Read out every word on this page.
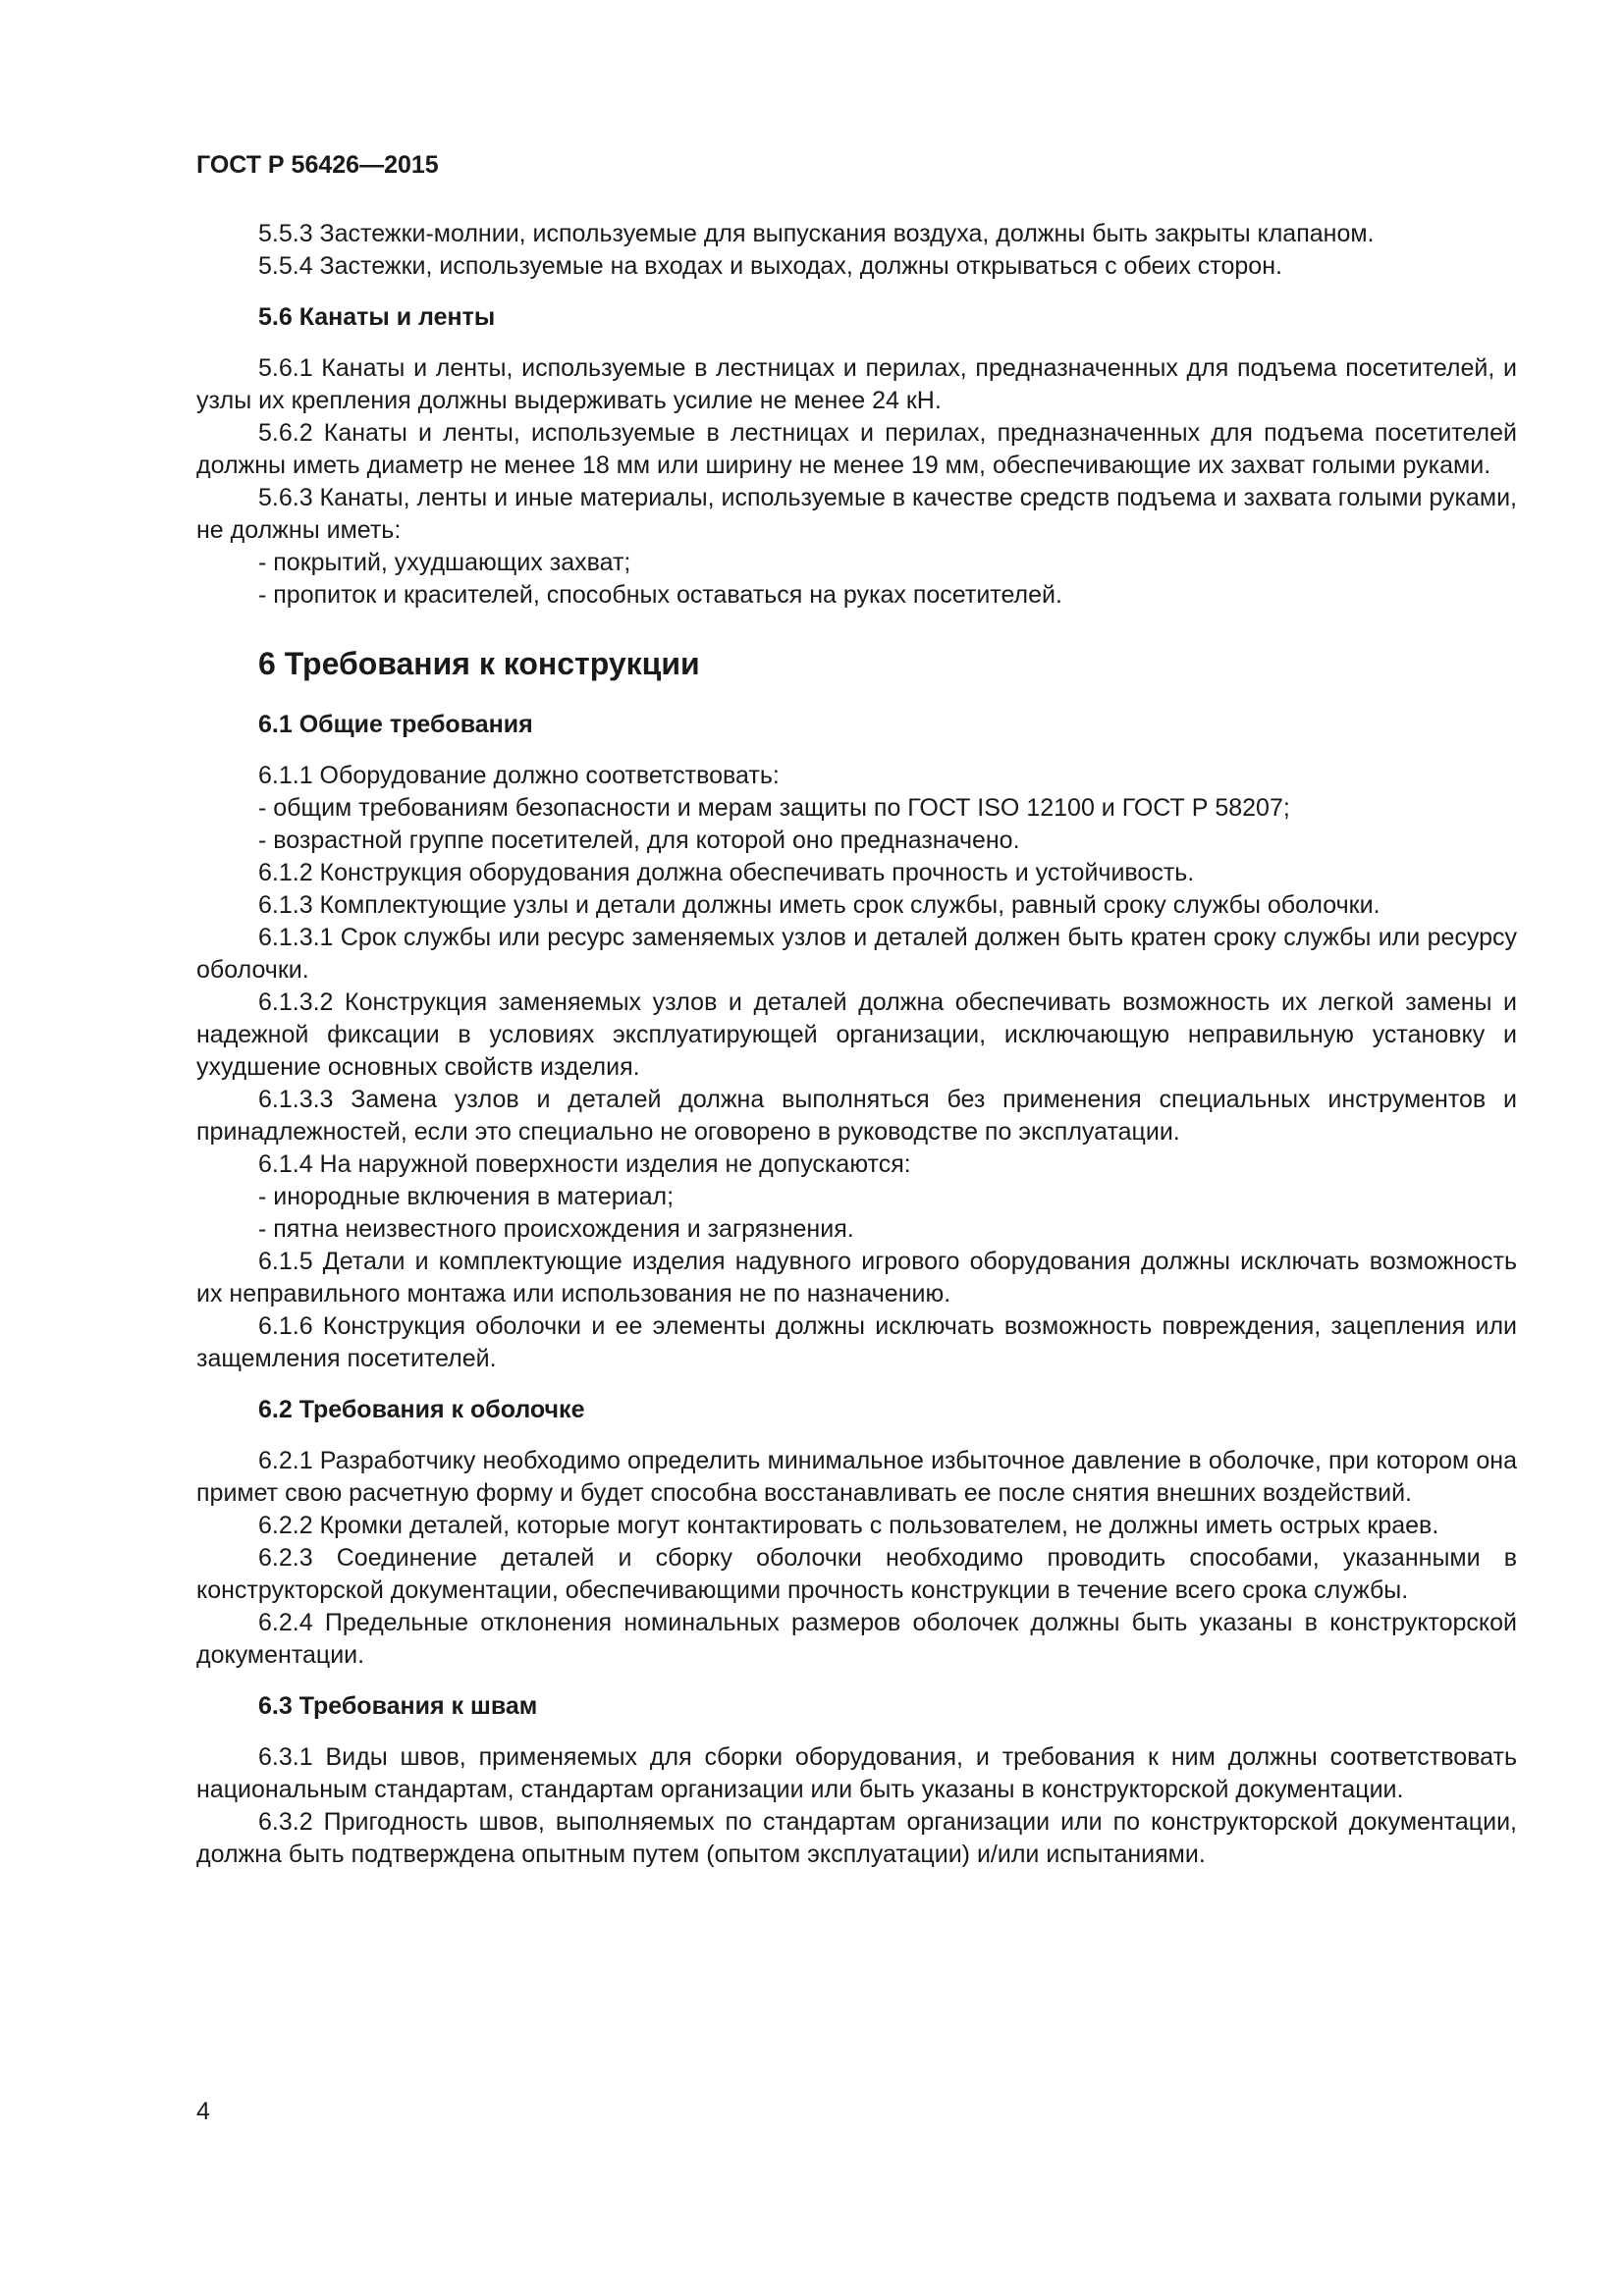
ГОСТ Р 56426—2015

5.5.3 Застежки-молнии, используемые для выпускания воздуха, должны быть закрыты клапаном.

5.5.4 Застежки, используемые на входах и выходах, должны открываться с обеих сторон.

5.6 Канаты и ленты

5.6.1 Канаты и ленты, используемые в лестницах и перилах, предназначенных для подъема посетителей, и узлы их крепления должны выдерживать усилие не менее 24 кН.

5.6.2 Канаты и ленты, используемые в лестницах и перилах, предназначенных для подъема посетителей должны иметь диаметр не менее 18 мм или ширину не менее 19 мм, обеспечивающие их захват голыми руками.

5.6.3 Канаты, ленты и иные материалы, используемые в качестве средств подъема и захвата голыми руками, не должны иметь:

- покрытий, ухудшающих захват;

- пропиток и красителей, способных оставаться на руках посетителей.

6 Требования к конструкции
6.1 Общие требования

6.1.1 Оборудование должно соответствовать:

- общим требованиям безопасности и мерам защиты по ГОСТ ISO 12100 и ГОСТ Р 58207;

- возрастной группе посетителей, для которой оно предназначено.

6.1.2 Конструкция оборудования должна обеспечивать прочность и устойчивость.

6.1.3 Комплектующие узлы и детали должны иметь срок службы, равный сроку службы оболочки.

6.1.3.1 Срок службы или ресурс заменяемых узлов и деталей должен быть кратен сроку службы или ресурсу оболочки.

6.1.3.2 Конструкция заменяемых узлов и деталей должна обеспечивать возможность их легкой замены и надежной фиксации в условиях эксплуатирующей организации, исключающую неправильную установку и ухудшение основных свойств изделия.

6.1.3.3 Замена узлов и деталей должна выполняться без применения специальных инструментов и принадлежностей, если это специально не оговорено в руководстве по эксплуатации.

6.1.4 На наружной поверхности изделия не допускаются:

- инородные включения в материал;

- пятна неизвестного происхождения и загрязнения.

6.1.5 Детали и комплектующие изделия надувного игрового оборудования должны исключать возможность их неправильного монтажа или использования не по назначению.

6.1.6 Конструкция оболочки и ее элементы должны исключать возможность повреждения, зацепления или защемления посетителей.

6.2 Требования к оболочке

6.2.1 Разработчику необходимо определить минимальное избыточное давление в оболочке, при котором она примет свою расчетную форму и будет способна восстанавливать ее после снятия внешних воздействий.

6.2.2 Кромки деталей, которые могут контактировать с пользователем, не должны иметь острых краев.

6.2.3 Соединение деталей и сборку оболочки необходимо проводить способами, указанными в конструкторской документации, обеспечивающими прочность конструкции в течение всего срока службы.

6.2.4 Предельные отклонения номинальных размеров оболочек должны быть указаны в конструкторской документации.

6.3 Требования к швам

6.3.1 Виды швов, применяемых для сборки оборудования, и требования к ним должны соответствовать национальным стандартам, стандартам организации или быть указаны в конструкторской документации.

6.3.2 Пригодность швов, выполняемых по стандартам организации или по конструкторской документации, должна быть подтверждена опытным путем (опытом эксплуатации) и/или испытаниями.

4
